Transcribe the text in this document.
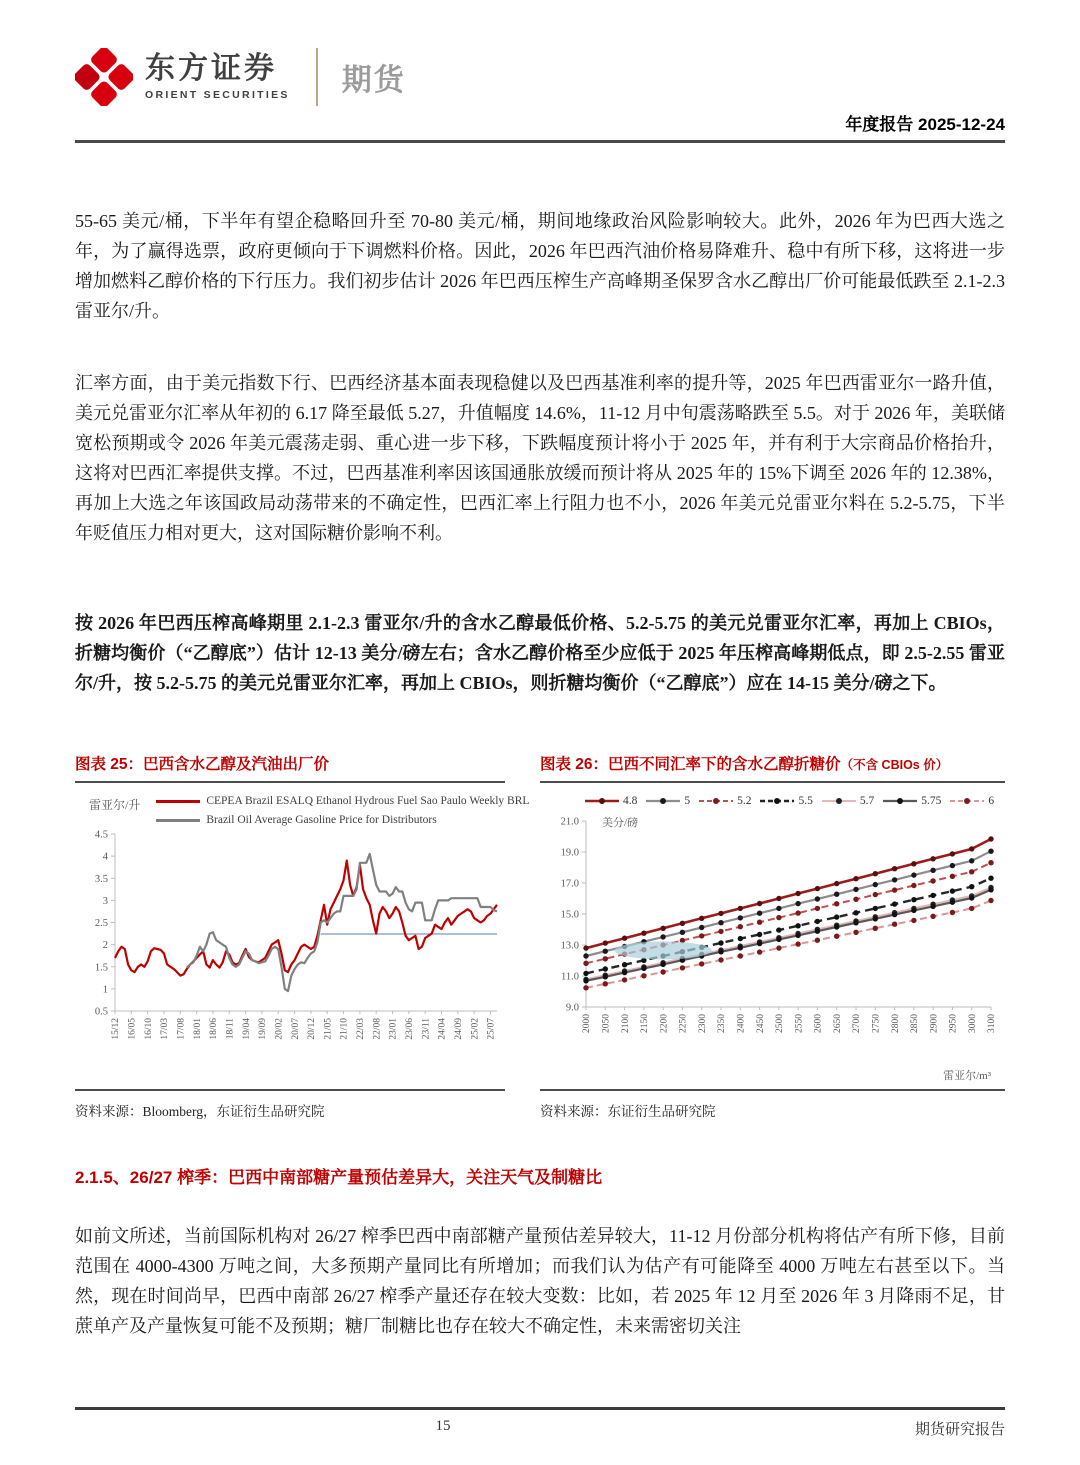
东方证券
ORIENT SECURITIES 期货
年度报告 2025-12-24

55-65 美元/桶，下半年有望企稳略回升至 70-80 美元/桶，期间地缘政治风险影响较大。此外，2026 年为巴西大选之年，为了赢得选票，政府更倾向于下调燃料价格。因此，2026 年巴西汽油价格易降难升、稳中有所下移，这将进一步增加燃料乙醇价格的下行压力。我们初步估计 2026 年巴西压榨生产高峰期圣保罗含水乙醇出厂价可能最低跌至 2.1-2.3 雷亚尔/升。

汇率方面，由于美元指数下行、巴西经济基本面表现稳健以及巴西基准利率的提升等，2025 年巴西雷亚尔一路升值，美元兑雷亚尔汇率从年初的 6.17 降至最低 5.27，升值幅度 14.6%，11-12 月中旬震荡略跌至 5.5。对于 2026 年，美联储宽松预期或令 2026 年美元震荡走弱、重心进一步下移，下跌幅度预计将小于 2025 年，并有利于大宗商品价格抬升，这将对巴西汇率提供支撑。不过，巴西基准利率因该国通胀放缓而预计将从 2025 年的 15%下调至 2026 年的 12.38%，再加上大选之年该国政局动荡带来的不确定性，巴西汇率上行阻力也不小，2026 年美元兑雷亚尔料在 5.2-5.75，下半年贬值压力相对更大，这对国际糖价影响不利。

按 2026 年巴西压榨高峰期里 2.1-2.3 雷亚尔/升的含水乙醇最低价格、5.2-5.75 的美元兑雷亚尔汇率，再加上 CBIOs，折糖均衡价（“乙醇底”）估计 12-13 美分/磅左右；含水乙醇价格至少应低于 2025 年压榨高峰期低点，即 2.5-2.55 雷亚尔/升，按 5.2-5.75 的美元兑雷亚尔汇率，再加上 CBIOs，则折糖均衡价（“乙醇底”）应在 14-15 美分/磅之下。

图表 25：巴西含水乙醇及汽油出厂价
雷亚尔/升	CEPEA Brazil ESALQ Ethanol Hydrous Fuel Sao Paulo Weekly BRL
Brazil Oil Average Gasoline Price for Distributors
0.5
1
1.5
2
2.5
3
3.5
4
4.5
15/12 16/05 16/10 17/03 17/08 18/01 18/06 18/11 19/04 19/09 20/02 20/07 20/12 21/05 21/10 22/03 22/08 23/01 23/06 23/11 24/04 24/09 25/02 25/07
资料来源：Bloomberg，东证衍生品研究院
图表 26：巴西不同汇率下的含水乙醇折糖价（不含 CBIOs 价）
4.8	5	5.2	5.5	5.7	5.75	6
9.0
11.0
13.0
15.0
17.0
19.0
21.0
2000 2050 2100 2150 2200 2250 2300 2350 2400 2450 2500 2550 2600 2650 2700 2750 2800 2850 2900 2950 3000 3100
美分/磅
雷亚尔/m³
资料来源：东证衍生品研究院
2.1.5、26/27 榨季：巴西中南部糖产量预估差异大，关注天气及制糖比

如前文所述，当前国际机构对 26/27 榨季巴西中南部糖产量预估差异较大，11-12 月份部分机构将估产有所下修，目前范围在 4000-4300 万吨之间，大多预期产量同比有所增加；而我们认为估产有可能降至 4000 万吨左右甚至以下。当然，现在时间尚早，巴西中南部 26/27 榨季产量还存在较大变数：比如，若 2025 年 12 月至 2026 年 3 月降雨不足，甘蔗单产及产量恢复可能不及预期；糖厂制糖比也存在较大不确定性，未来需密切关注

15	期货研究报告
